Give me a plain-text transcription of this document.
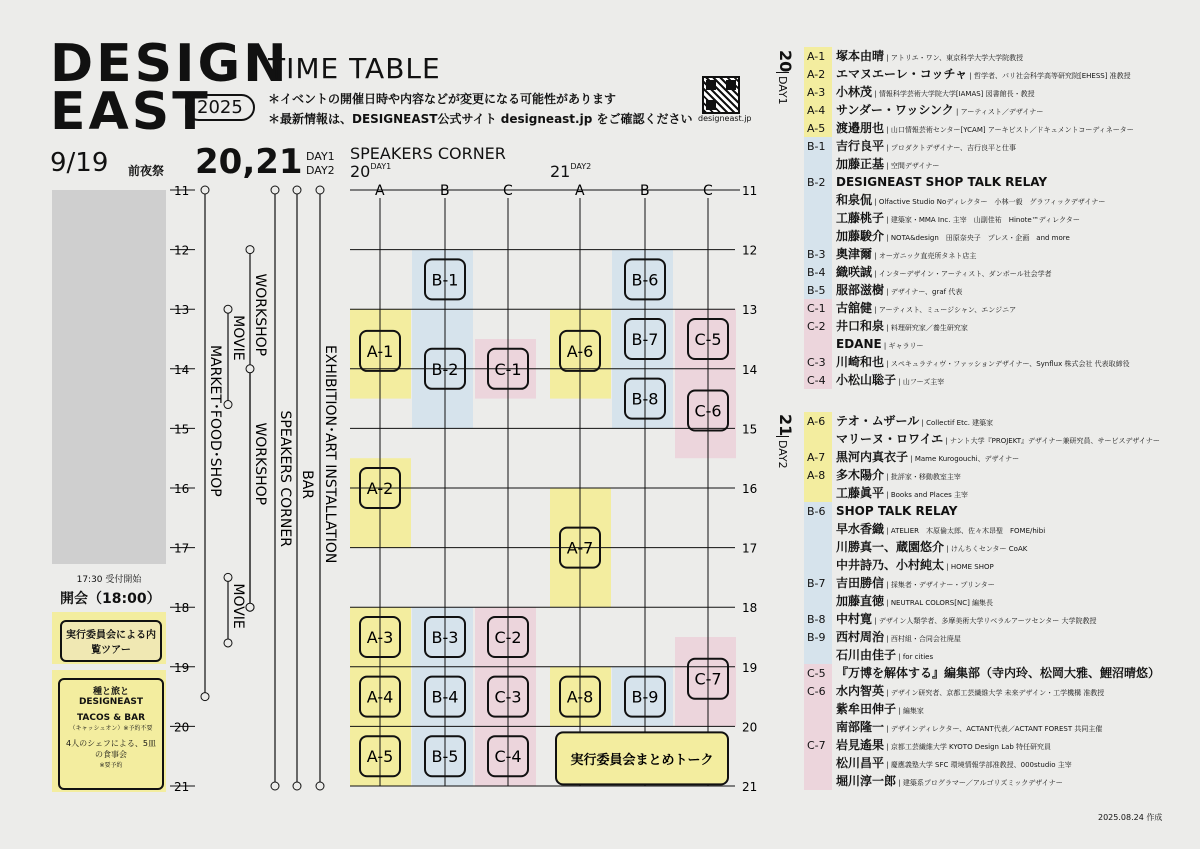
DESIGN
EAST
2025
TIME TABLE
＊イベントの開催日時や内容などが変更になる可能性があります
＊最新情報は、DESIGNEAST公式サイト designeast.jp をご確認ください designeast.jp
9/19 前夜祭 20,21 DAY1
DAY2
SPEAKERS CORNER
$20^{DAY1}$	$21^{DAY2}$
11	11
12	12
13	13
14	14
15	15
16	16
17	17
18	18
19	19
20	20
21	21
A	B	C	A	B	C
MARKET･FOOD･SHOP
MOVIE WORKSHOP
WORKSHOP
MOVIE
SPEAKERS CORNER BAR EXHIBITION･ART INSTALLATION A-1
A-2
A-3
A-4
A-5
B-1
B-2
B-3
B-4
B-5
C-1
C-2
C-3
C-4
A-6
A-7
A-8
B-6
B-7
B-8
B-9
C-5
C-6
C-7
実行委員会まとめトーク
17:30 受付開始
開会（18:00）
実行委員会による内覧ツアー
種と旅とDESIGNEAST
TACOS & BAR
（キャッシュオン）※予約不要
4人のシェフによる、5皿の食事会
※要予約
20
DAY1
21
DAY2
A-1 塚本由晴 | アトリエ・ワン、東京科学大学大学院教授
A-2 エマヌエーレ・コッチャ | 哲学者、パリ社会科学高等研究院[EHESS] 准教授
A-3 小林茂 | 情報科学芸術大学院大学[IAMAS] 図書館長・教授
A-4 サンダー・ワッシンク | アーティスト／デザイナー
A-5 渡邉朋也 | 山口情報芸術センター[YCAM] アーキビスト／ドキュメントコーディネーター
B-1 吉行良平 | プロダクトデザイナー、吉行良平と仕事
加藤正基 | 空間デザイナー
B-2 DESIGNEAST SHOP TALK RELAY
和泉侃 | Olfactive Studio Noディレクター　小林一毅　グラフィックデザイナー
工藤桃子 | 建築家・MMA Inc. 主宰　山副佳祐　Hinote™ディレクター
加藤駿介 | NOTA&design　田原奈央子　プレス・企画　and more
B-3 奥津爾 | オーガニック直売所タネト店主
B-4 織咲誠 | インターデザイン・アーティスト、ダンボール社会学者
B-5 服部滋樹 | デザイナー、graf 代表
C-1 古舘健 | アーティスト、ミュージシャン、エンジニア
C-2 井口和泉 | 料理研究家／養生研究家
EDANE | ギャラリー
C-3 川崎和也 | スペキュラティヴ・ファッションデザイナー、Synflux 株式会社 代表取締役
C-4 小松山聡子 | 山フーズ主宰
A-6 テオ・ムザール | Collectif Etc. 建築家
マリーヌ・ロワイエ | ナント大学『PROJEKT』デザイナー兼研究員、サービスデザイナー
A-7 黒河内真衣子 | Mame Kurogouchi、デザイナー
A-8 多木陽介 | 批評家・移動教室主宰
工藤眞平 | Books and Places 主宰
B-6 SHOP TALK RELAY
早水香織 | ATELIER　木原倫太郎、佐々木昂聖　FOME/hibi
川勝真一、蔵園悠介 | けんちくセンター CoAK
中井詩乃、小村純太 | HOME SHOP
B-7 吉田勝信 | 採集者・デザイナー・プリンター
加藤直徳 | NEUTRAL COLORS[NC] 編集長
B-8 中村寛 | デザイン人類学者、多摩美術大学リベラルアーツセンター 大学院教授
B-9 西村周治 | 西村組・合同会社廃屋
石川由佳子 | for cities
C-5 『万博を解体する』編集部（寺内玲、松岡大雅、鯉沼晴悠）
C-6 水内智英 | デザイン研究者、京都工芸繊維大学 未来デザイン・工学機構 准教授
紫牟田伸子 | 編集家
南部隆一 | デザインディレクター、ACTANT代表／ACTANT FOREST 共同主催
C-7 岩見遙果 | 京都工芸繊維大学 KYOTO Design Lab 特任研究員
松川昌平 | 慶應義塾大学 SFC 環境情報学部准教授、000studio 主宰
堀川淳一郎 | 建築系プログラマー／アルゴリズミックデザイナー
2025.08.24 作成
